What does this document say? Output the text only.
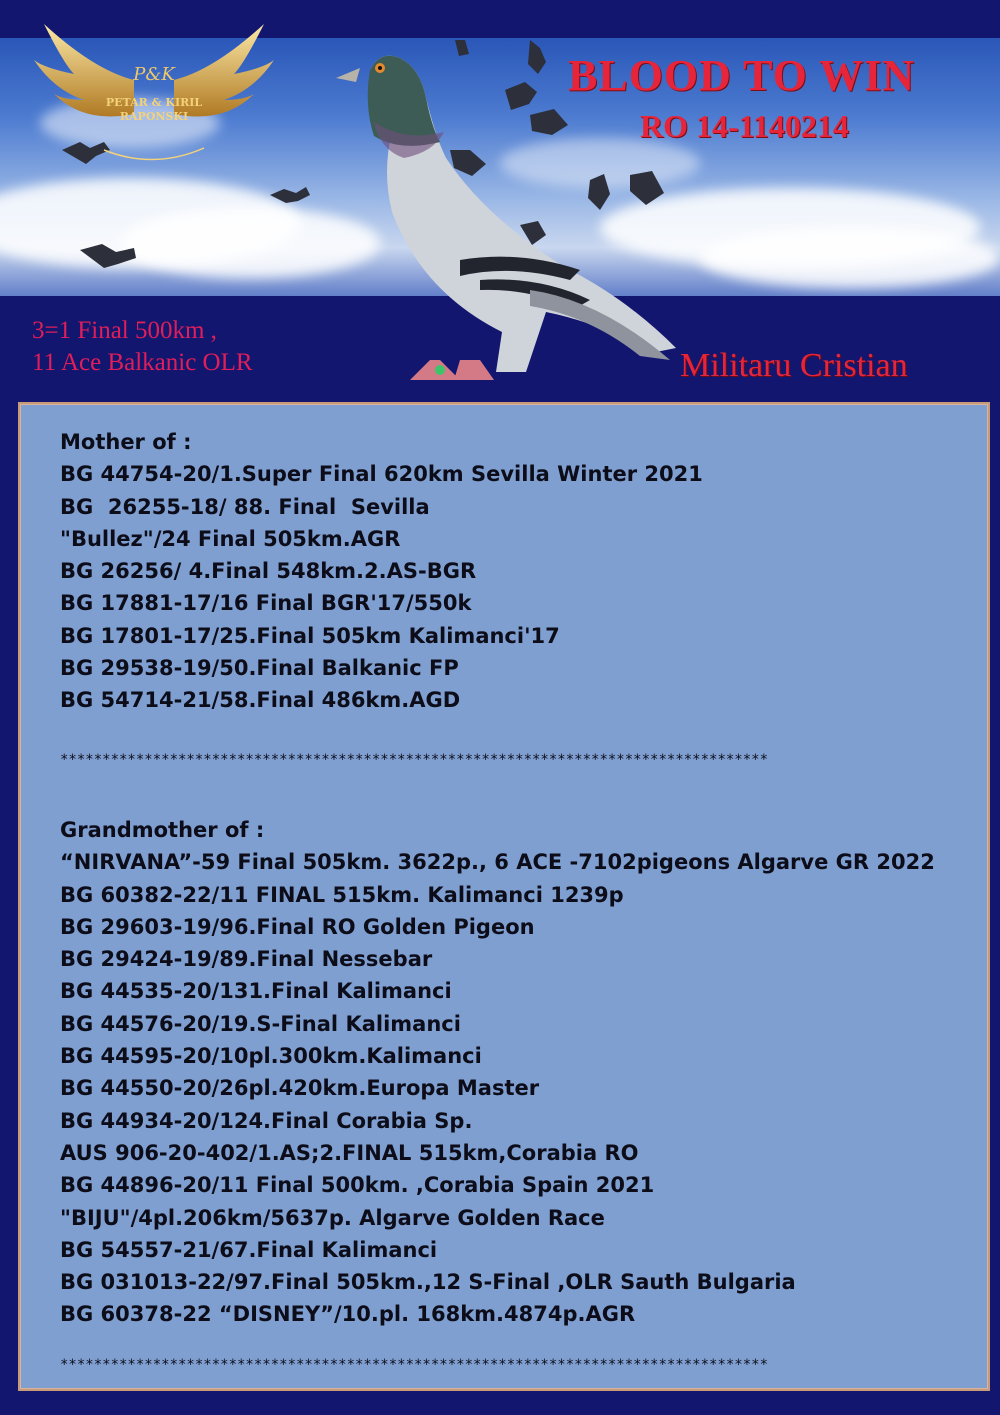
P&K
PETAR & KIRIL
RAPONSKI
BLOOD TO WIN
RO 14-1140214
3=1 Final 500km ,
11 Ace Balkanic OLR	Militaru Cristian

Mother of :

BG 44754-20/1.Super Final 620km Sevilla Winter 2021

BG  26255-18/ 88. Final  Sevilla

"Bullez"/24 Final 505km.AGR

BG 26256/ 4.Final 548km.2.AS-BGR

BG 17881-17/16 Final BGR'17/550k

BG 17801-17/25.Final 505km Kalimanci'17

BG 29538-19/50.Final Balkanic FP

BG 54714-21/58.Final 486km.AGD

************************************************************************************

Grandmother of :

“NIRVANA”-59 Final 505km. 3622p., 6 ACE -7102pigeons Algarve GR 2022

BG 60382-22/11 FINAL 515km. Kalimanci 1239p

BG 29603-19/96.Final RO Golden Pigeon

BG 29424-19/89.Final Nessebar

BG 44535-20/131.Final Kalimanci

BG 44576-20/19.S-Final Kalimanci

BG 44595-20/10pl.300km.Kalimanci

BG 44550-20/26pl.420km.Europa Master

BG 44934-20/124.Final Corabia Sp.

AUS 906-20-402/1.AS;2.FINAL 515km,Corabia RO

BG 44896-20/11 Final 500km. ,Corabia Spain 2021

"BIJU"/4pl.206km/5637p. Algarve Golden Race

BG 54557-21/67.Final Kalimanci

BG 031013-22/97.Final 505km.,12 S-Final ,OLR Sauth Bulgaria

BG 60378-22 “DISNEY”/10.pl. 168km.4874p.AGR

************************************************************************************
